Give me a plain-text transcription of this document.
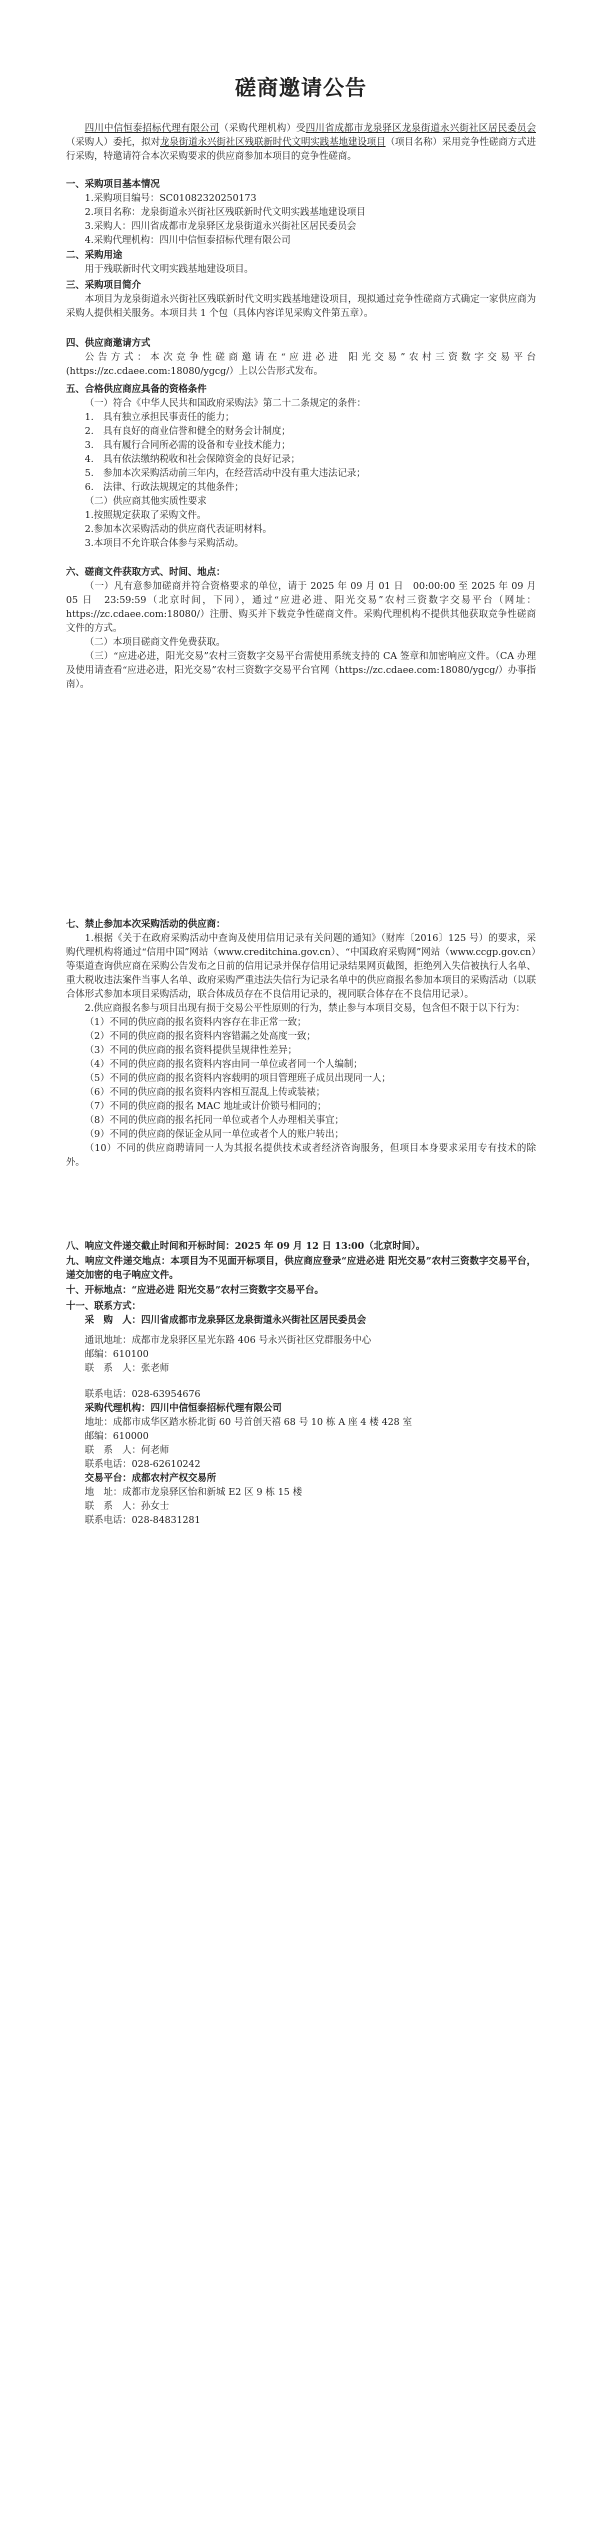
磋商邀请公告
四川中信恒泰招标代理有限公司（采购代理机构）受四川省成都市龙泉驿区龙泉街道永兴街社区居民委员会（采购人）委托，拟对龙泉街道永兴街社区残联新时代文明实践基地建设项目（项目名称）采用竞争性磋商方式进行采购，特邀请符合本次采购要求的供应商参加本项目的竞争性磋商。

一、采购项目基本情况

1.采购项目编号：SC01082320250173

2.项目名称：龙泉街道永兴街社区残联新时代文明实践基地建设项目

3.采购人：四川省成都市龙泉驿区龙泉街道永兴街社区居民委员会

4.采购代理机构：四川中信恒泰招标代理有限公司

二、采购用途

用于残联新时代文明实践基地建设项目。

三、采购项目简介

本项目为龙泉街道永兴街社区残联新时代文明实践基地建设项目，现拟通过竞争性磋商方式确定一家供应商为采购人提供相关服务。本项目共 1 个包（具体内容详见采购文件第五章）。

四、供应商邀请方式

公告方式：本次竞争性磋商邀请在“应进必进 阳光交易”农村三资数字交易平台(https://zc.cdaee.com:18080/ygcg/）上以公告形式发布。

五、合格供应商应具备的资格条件

（一）符合《中华人民共和国政府采购法》第二十二条规定的条件：

1.　具有独立承担民事责任的能力；

2.　具有良好的商业信誉和健全的财务会计制度；

3.　具有履行合同所必需的设备和专业技术能力；

4.　具有依法缴纳税收和社会保障资金的良好记录；

5.　参加本次采购活动前三年内，在经营活动中没有重大违法记录；

6.　法律、行政法规规定的其他条件；

（二）供应商其他实质性要求

1.按照规定获取了采购文件。

2.参加本次采购活动的供应商代表证明材料。

3.本项目不允许联合体参与采购活动。

六、磋商文件获取方式、时间、地点：

（一）凡有意参加磋商并符合资格要求的单位，请于 2025 年 09 月 01 日　00:00:00 至 2025 年 09 月 05 日　23:59:59（北京时间，下同），通过“应进必进、阳光交易”农村三资数字交易平台（网址：https://zc.cdaee.com:18080/）注册、购买并下载竞争性磋商文件。采购代理机构不提供其他获取竞争性磋商文件的方式。

（二）本项目磋商文件免费获取。

（三）“应进必进，阳光交易”农村三资数字交易平台需使用系统支持的 CA 签章和加密响应文件。（CA 办理及使用请查看“应进必进，阳光交易”农村三资数字交易平台官网（https://zc.cdaee.com:18080/ygcg/）办事指南）。

七、禁止参加本次采购活动的供应商：

1.根据《关于在政府采购活动中查询及使用信用记录有关问题的通知》（财库〔2016〕125 号）的要求，采购代理机构将通过“信用中国”网站（www.creditchina.gov.cn）、“中国政府采购网”网站（www.ccgp.gov.cn）等渠道查询供应商在采购公告发布之日前的信用记录并保存信用记录结果网页截图，拒绝列入失信被执行人名单、重大税收违法案件当事人名单、政府采购严重违法失信行为记录名单中的供应商报名参加本项目的采购活动（以联合体形式参加本项目采购活动，联合体成员存在不良信用记录的，视同联合体存在不良信用记录）。

2.供应商报名参与项目出现有损于交易公平性原则的行为，禁止参与本项目交易，包含但不限于以下行为：

（1）不同的供应商的报名资料内容存在非正常一致；

（2）不同的供应商的报名资料内容错漏之处高度一致；

（3）不同的供应商的报名资料提供呈规律性差异；

（4）不同的供应商的报名资料内容由同一单位或者同一个人编制；

（5）不同的供应商的报名资料内容载明的项目管理班子成员出现同一人；

（6）不同的供应商的报名资料内容相互混乱上传或装裱；

（7）不同的供应商的报名 MAC 地址或计价锁号相同的；

（8）不同的供应商的报名托同一单位或者个人办理相关事宜；

（9）不同的供应商的保证金从同一单位或者个人的账户转出；

（10）不同的供应商聘请同一人为其报名提供技术或者经济咨询服务，但项目本身要求采用专有技术的除外。

八、响应文件递交截止时间和开标时间：2025 年 09 月 12 日 13:00（北京时间）。

九、响应文件递交地点：本项目为不见面开标项目，供应商应登录“应进必进 阳光交易”农村三资数字交易平台，递交加密的电子响应文件。

十、开标地点：“应进必进 阳光交易”农村三资数字交易平台。

十一、联系方式：

采　购　人：四川省成都市龙泉驿区龙泉街道永兴街社区居民委员会

通讯地址：成都市龙泉驿区星光东路 406 号永兴街社区党群服务中心

邮编：610100

联　系　人：张老师

联系电话：028-63954676

采购代理机构：四川中信恒泰招标代理有限公司

地址：成都市成华区踏水桥北街 60 号首创天禧 68 号 10 栋 A 座 4 楼 428 室

邮编：610000

联　系　人：何老师

联系电话：028-62610242

交易平台：成都农村产权交易所

地　址：成都市龙泉驿区怡和新城 E2 区 9 栋 15 楼

联　系　人：孙女士

联系电话：028-84831281
